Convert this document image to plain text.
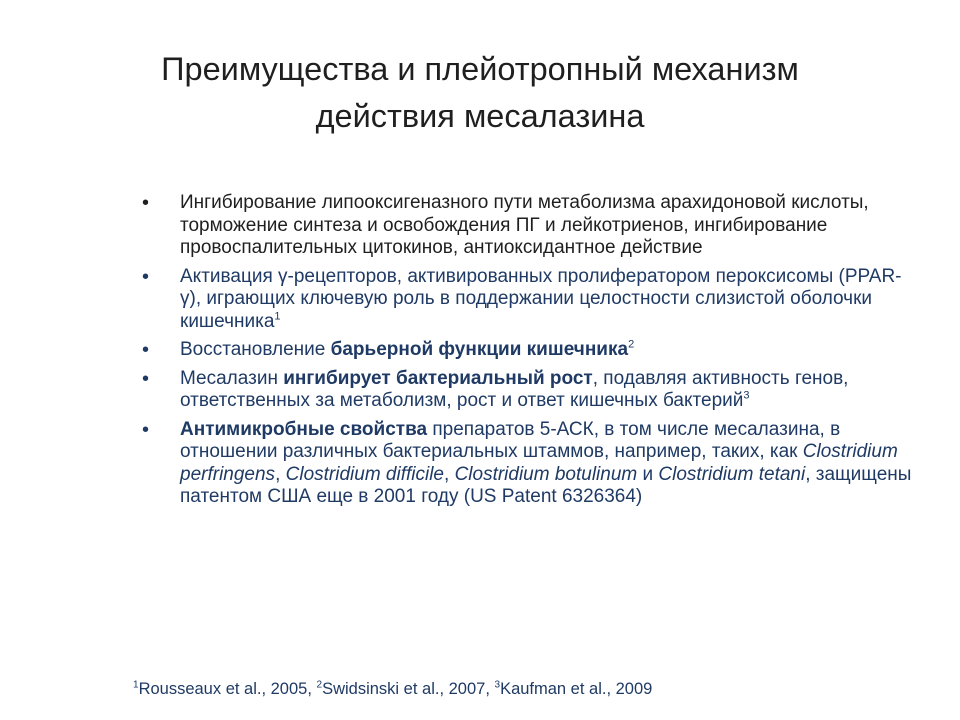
Преимущества и плейотропный механизм
действия месалазина
• Ингибирование липооксигеназного пути метаболизма арахидоновой кислоты, торможение синтеза и освобождения ПГ и лейкотриенов, ингибирование провоспалительных цитокинов, антиоксидантное действие
• Активация γ-рецепторов, активированных пролифератором пероксисомы (PPAR-γ), играющих ключевую роль в поддержании целостности слизистой оболочки кишечника$^1$
• Восстановление барьерной функции кишечника$^2$
• Месалазин ингибирует бактериальный рост, подавляя активность генов, ответственных за метаболизм, рост и ответ кишечных бактерий$^3$
• Антимикробные свойства препаратов 5-АСК, в том числе месалазина, в отношении различных бактериальных штаммов, например, таких, как Clostridium perfringens, Clostridium difficile, Clostridium botulinum и Clostridium tetani, защищены патентом США еще в 2001 году (US Patent 6326364)
$^1$Rousseaux et al., 2005, $^2$Swidsinski et al., 2007, $^3$Kaufman et al., 2009
